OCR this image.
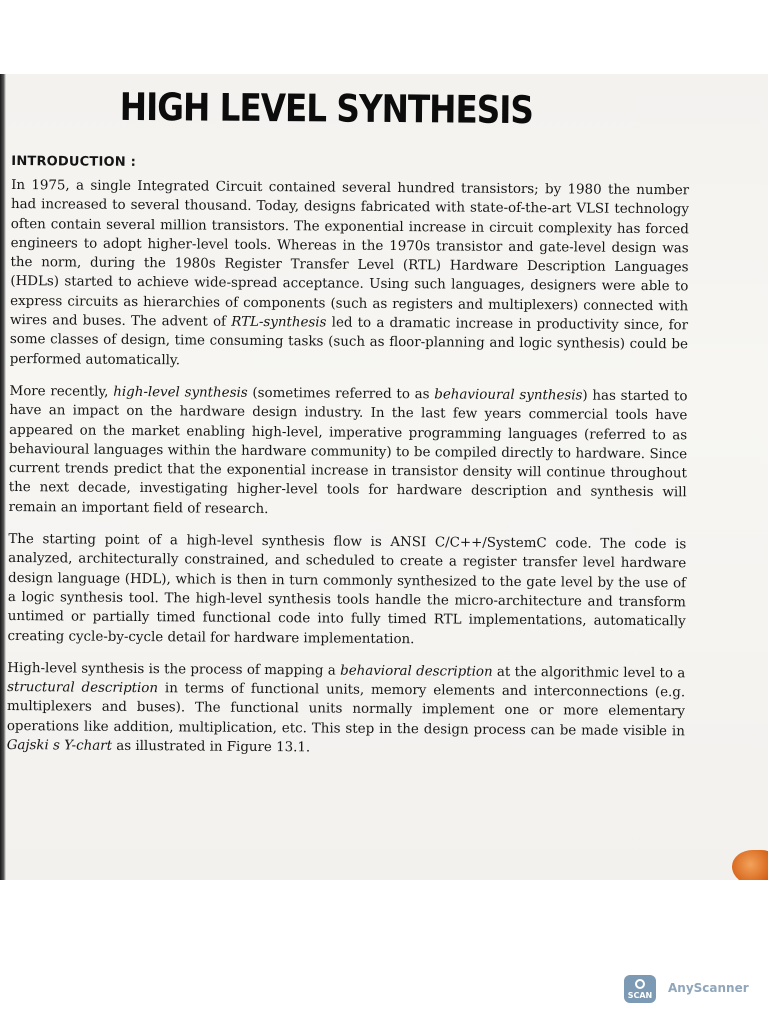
HIGH LEVEL SYNTHESIS
INTRODUCTION :

In 1975, a single Integrated Circuit contained several hundred transistors; by 1980 the number had increased to several thousand. Today, designs fabricated with state-of-the-art VLSI technology often contain several million transistors. The exponential increase in circuit complexity has forced engineers to adopt higher-level tools. Whereas in the 1970s transistor and gate-level design was the norm, during the 1980s Register Transfer Level (RTL) Hardware Description Languages (HDLs) started to achieve wide-spread acceptance. Using such languages, designers were able to express circuits as hierarchies of components (such as registers and multiplexers) connected with wires and buses. The advent of RTL-synthesis led to a dramatic increase in productivity since, for some classes of design, time consuming tasks (such as floor-planning and logic synthesis) could be performed automatically.

More recently, high-level synthesis (sometimes referred to as behavioural synthesis) has started to have an impact on the hardware design industry. In the last few years commercial tools have appeared on the market enabling high-level, imperative programming languages (referred to as behavioural languages within the hardware community) to be compiled directly to hardware. Since current trends predict that the exponential increase in transistor density will continue throughout the next decade, investigating higher-level tools for hardware description and synthesis will remain an important field of research.

The starting point of a high-level synthesis flow is ANSI C/C++/SystemC code. The code is analyzed, architecturally constrained, and scheduled to create a register transfer level hardware design language (HDL), which is then in turn commonly synthesized to the gate level by the use of a logic synthesis tool. The high-level synthesis tools handle the micro-architecture and transform untimed or partially timed functional code into fully timed RTL implementations, automatically creating cycle-by-cycle detail for hardware implementation.

High-level synthesis is the process of mapping a behavioral description at the algorithmic level to a structural description in terms of functional units, memory elements and interconnections (e.g. multiplexers and buses). The functional units normally implement one or more elementary operations like addition, multiplication, etc. This step in the design process can be made visible in Gajski s Y-chart as illustrated in Figure 13.1.

SCAN
AnyScanner
